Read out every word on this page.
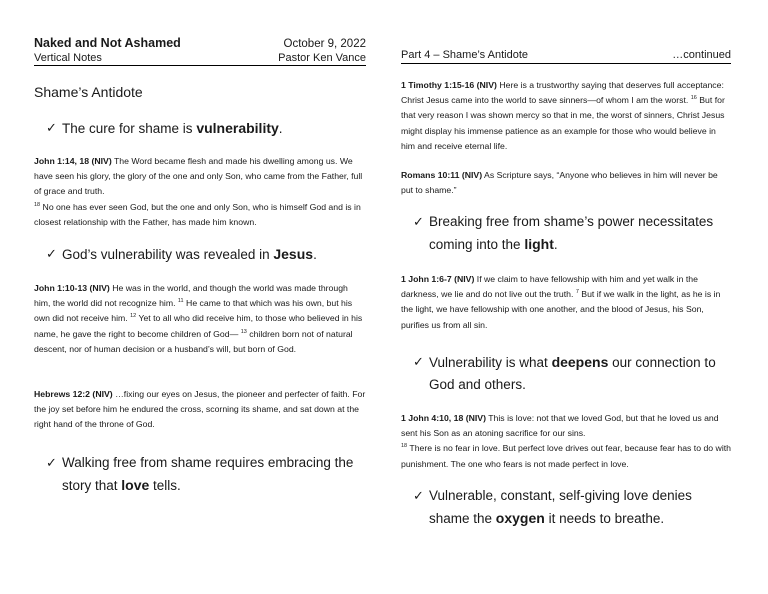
Naked and Not Ashamed	October 9, 2022
Vertical Notes	Pastor Ken Vance
Shame’s Antidote
✓ The cure for shame is vulnerability.

John 1:14, 18 (NIV) The Word became flesh and made his dwelling among us. We have seen his glory, the glory of the one and only Son, who came from the Father, full of grace and truth.
$^{18}$ No one has ever seen God, but the one and only Son, who is himself God and is in closest relationship with the Father, has made him known.

✓ God’s vulnerability was revealed in Jesus.

John 1:10-13 (NIV) He was in the world, and though the world was made through him, the world did not recognize him. $^{11}$ He came to that which was his own, but his own did not receive him. $^{12}$ Yet to all who did receive him, to those who believed in his name, he gave the right to become children of God— $^{13}$ children born not of natural descent, nor of human decision or a husband’s will, but born of God.

Hebrews 12:2 (NIV) …fixing our eyes on Jesus, the pioneer and perfecter of faith. For the joy set before him he endured the cross, scorning its shame, and sat down at the right hand of the throne of God.

✓ Walking free from shame requires embracing the story that love tells.
Part 4 – Shame’s Antidote	…continued

1 Timothy 1:15-16 (NIV) Here is a trustworthy saying that deserves full acceptance: Christ Jesus came into the world to save sinners—of whom I am the worst. $^{16}$ But for that very reason I was shown mercy so that in me, the worst of sinners, Christ Jesus might display his immense patience as an example for those who would believe in him and receive eternal life.

Romans 10:11 (NIV) As Scripture says, “Anyone who believes in him will never be put to shame.”

✓ Breaking free from shame’s power necessitates coming into the light.

1 John 1:6-7 (NIV) If we claim to have fellowship with him and yet walk in the darkness, we lie and do not live out the truth. $^7$ But if we walk in the light, as he is in the light, we have fellowship with one another, and the blood of Jesus, his Son, purifies us from all sin.

✓ Vulnerability is what deepens our connection to God and others.

1 John 4:10, 18 (NIV) This is love: not that we loved God, but that he loved us and sent his Son as an atoning sacrifice for our sins.
$^{18}$ There is no fear in love. But perfect love drives out fear, because fear has to do with punishment. The one who fears is not made perfect in love.

✓ Vulnerable, constant, self-giving love denies shame the oxygen it needs to breathe.
